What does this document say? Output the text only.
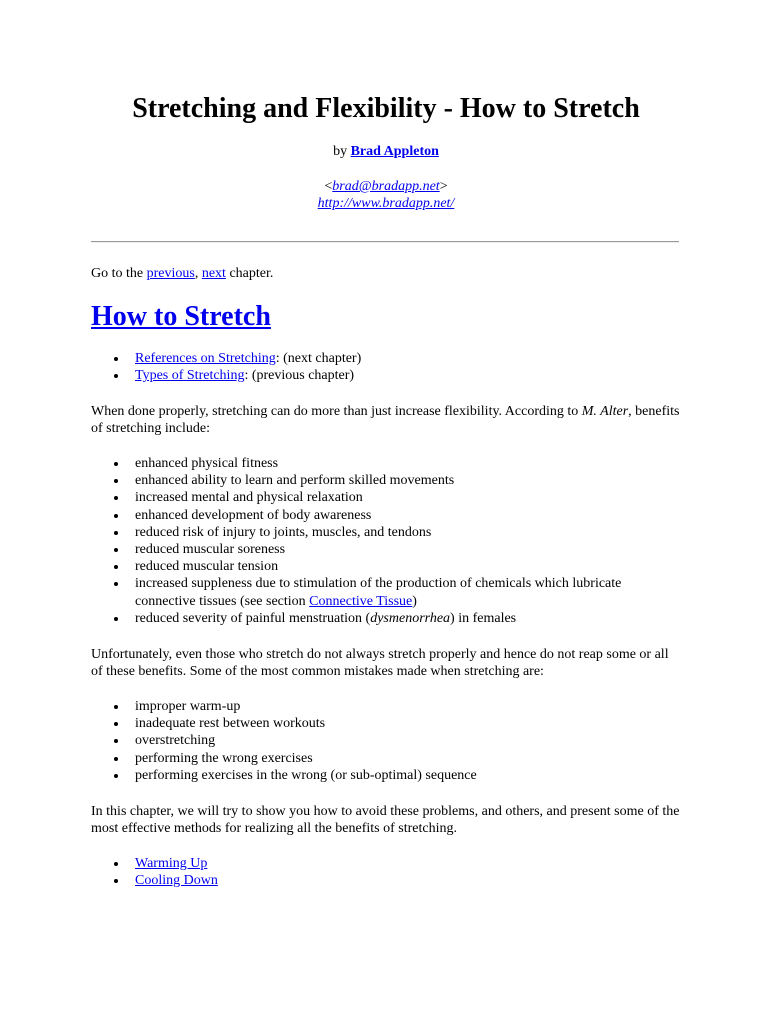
Stretching and Flexibility - How to Stretch
by Brad Appleton
<brad@bradapp.net>
http://www.bradapp.net/
Go to the previous, next chapter.
How to Stretch
References on Stretching: (next chapter)
Types of Stretching: (previous chapter)

When done properly, stretching can do more than just increase flexibility. According to M. Alter, benefits of stretching include:

enhanced physical fitness
enhanced ability to learn and perform skilled movements
increased mental and physical relaxation
enhanced development of body awareness
reduced risk of injury to joints, muscles, and tendons
reduced muscular soreness
reduced muscular tension
increased suppleness due to stimulation of the production of chemicals which lubricate connective tissues (see section Connective Tissue)
reduced severity of painful menstruation (dysmenorrhea) in females

Unfortunately, even those who stretch do not always stretch properly and hence do not reap some or all of these benefits. Some of the most common mistakes made when stretching are:

improper warm-up
inadequate rest between workouts
overstretching
performing the wrong exercises
performing exercises in the wrong (or sub-optimal) sequence

In this chapter, we will try to show you how to avoid these problems, and others, and present some of the most effective methods for realizing all the benefits of stretching.

Warming Up
Cooling Down
